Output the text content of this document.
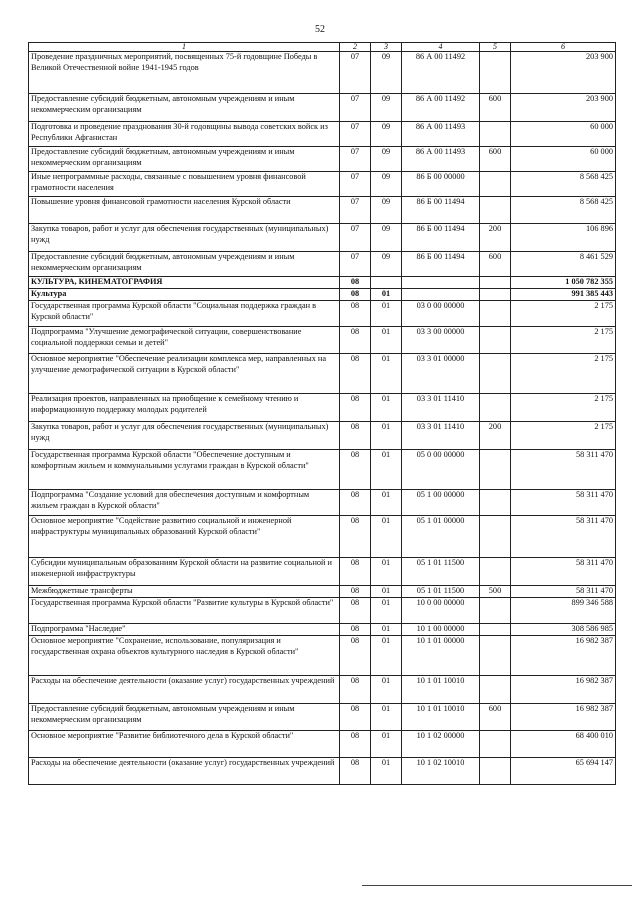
52
1	2	3	4	5	6
Проведение праздничных мероприятий, посвященных 75-й годовщине Победы в Великой Отечественной войне 1941-1945 годов	07	09	86 А 00 11492		203 900
Предоставление субсидий бюджетным, автономным учреждениям и иным некоммерческим организациям	07	09	86 А 00 11492	600	203 900
Подготовка и проведение празднования 30-й годовщины вывода советских войск из Республики Афганистан	07	09	86 А 00 11493		60 000
Предоставление субсидий бюджетным, автономным учреждениям и иным некоммерческим организациям	07	09	86 А 00 11493	600	60 000
Иные непрограммные расходы, связанные с повышением уровня финансовой грамотности населения	07	09	86 Б 00 00000		8 568 425
Повышение уровня финансовой грамотности населения Курской области	07	09	86 Б 00 11494		8 568 425
Закупка товаров, работ и услуг для обеспечения государственных (муниципальных) нужд	07	09	86 Б 00 11494	200	106 896
Предоставление субсидий бюджетным, автономным учреждениям и иным некоммерческим организациям	07	09	86 Б 00 11494	600	8 461 529
КУЛЬТУРА, КИНЕМАТОГРАФИЯ	08				1 050 782 355
Культура	08	01			991 385 443
Государственная программа Курской области "Социальная поддержка граждан в Курской области"	08	01	03 0 00 00000		2 175
Подпрограмма "Улучшение демографической ситуации, совершенствование социальной поддержки семьи и детей"	08	01	03 3 00 00000		2 175
Основное мероприятие "Обеспечение реализации комплекса мер, направленных на улучшение демографической ситуации в Курской области"	08	01	03 3 01 00000		2 175
Реализация проектов, направленных на приобщение к семейному чтению и информационную поддержку молодых родителей	08	01	03 3 01 11410		2 175
Закупка товаров, работ и услуг для обеспечения государственных (муниципальных) нужд	08	01	03 3 01 11410	200	2 175
Государственная программа Курской области "Обеспечение доступным и комфортным жильем и коммунальными услугами граждан в Курской области"	08	01	05 0 00 00000		58 311 470
Подпрограмма "Создание условий для обеспечения доступным и комфортным жильем граждан в Курской области"	08	01	05 1 00 00000		58 311 470
Основное мероприятие "Содействие развитию социальной и инженерной инфраструктуры муниципальных образований Курской области"	08	01	05 1 01 00000		58 311 470
Субсидии муниципальным образованиям Курской области на развитие социальной и инженерной инфраструктуры	08	01	05 1 01 11500		58 311 470
Межбюджетные трансферты	08	01	05 1 01 11500	500	58 311 470
Государственная программа Курской области "Развитие культуры в Курской области"	08	01	10 0 00 00000		899 346 588
Подпрограмма "Наследие"	08	01	10 1 00 00000		308 586 985
Основное мероприятие "Сохранение, использование, популяризация и государственная охрана объектов культурного наследия в Курской области"	08	01	10 1 01 00000		16 982 387
Расходы на обеспечение деятельности (оказание услуг) государственных учреждений	08	01	10 1 01 10010		16 982 387
Предоставление субсидий бюджетным, автономным учреждениям и иным некоммерческим организациям	08	01	10 1 01 10010	600	16 982 387
Основное мероприятие "Развитие библиотечного дела в Курской области"	08	01	10 1 02 00000		68 400 010
Расходы на обеспечение деятельности (оказание услуг) государственных учреждений	08	01	10 1 02 10010		65 694 147
